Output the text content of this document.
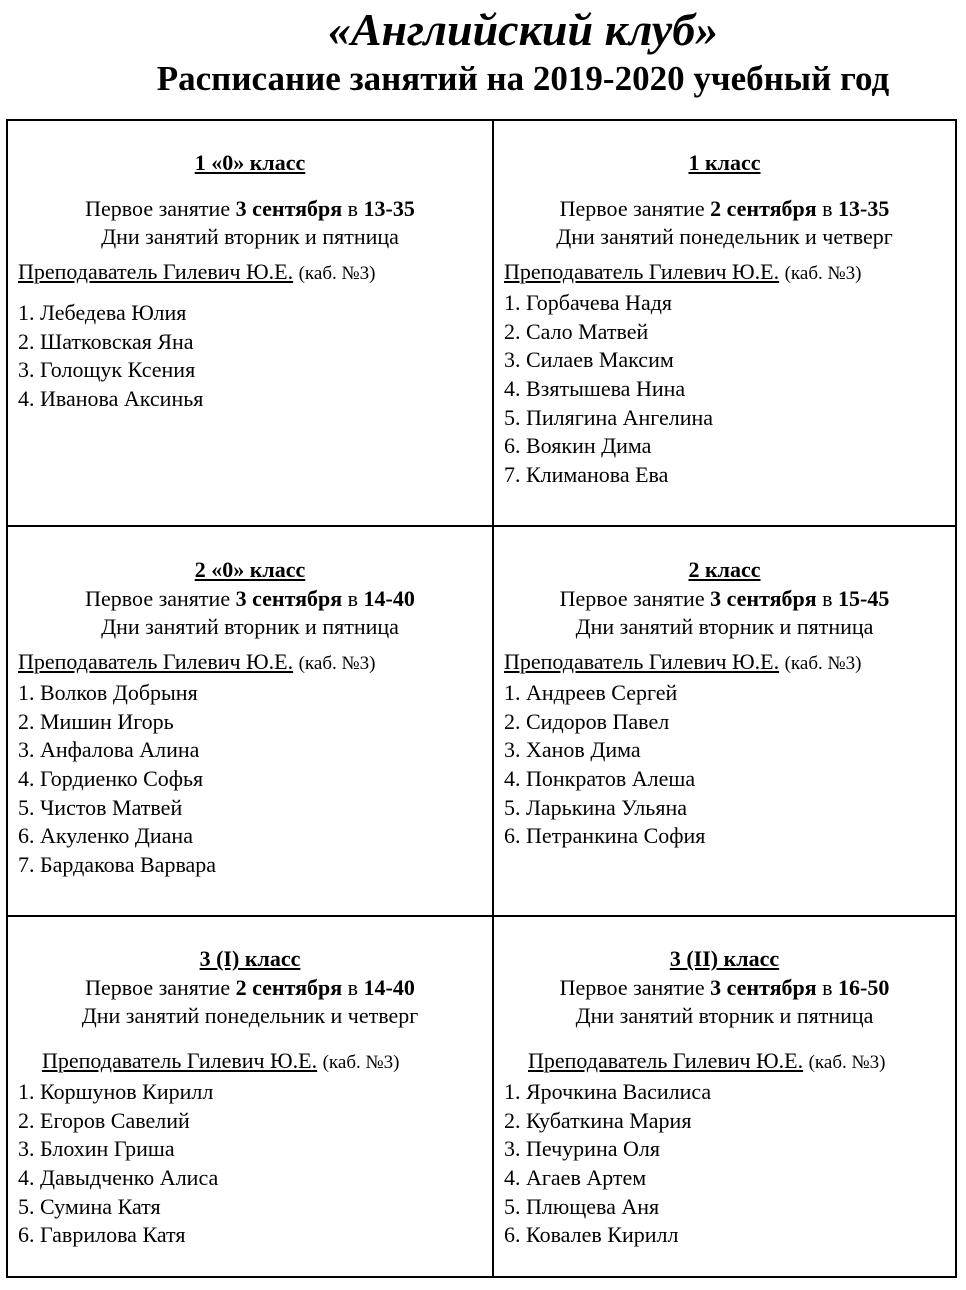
«Английский клуб»
Расписание занятий на 2019-2020 учебный год
1 «0» класс
Первое занятие 3 сентября в 13-35
Дни занятий вторник и пятница
Преподаватель Гилевич Ю.Е. (каб. №3)
1. Лебедева Юлия
2. Шатковская Яна
3. Голощук Ксения
4. Иванова Аксинья
1 класс
Первое занятие 2 сентября в 13-35
Дни занятий понедельник и четверг
Преподаватель Гилевич Ю.Е. (каб. №3)
1. Горбачева Надя
2. Сало Матвей
3. Силаев Максим
4. Взятышева Нина
5. Пилягина Ангелина
6. Воякин Дима
7. Климанова Ева
2 «0» класс
Первое занятие 3 сентября в 14-40
Дни занятий вторник и пятница
Преподаватель Гилевич Ю.Е. (каб. №3)
1. Волков Добрыня
2. Мишин Игорь
3. Анфалова Алина
4. Гордиенко Софья
5. Чистов Матвей
6. Акуленко Диана
7. Бардакова Варвара
2 класс
Первое занятие 3 сентября в 15-45
Дни занятий вторник и пятница
Преподаватель Гилевич Ю.Е. (каб. №3)
1. Андреев Сергей
2. Сидоров Павел
3. Ханов Дима
4. Понкратов Алеша
5. Ларькина Ульяна
6. Петранкина София
3 (I) класс
Первое занятие 2 сентября в 14-40
Дни занятий понедельник и четверг
Преподаватель Гилевич Ю.Е. (каб. №3)
1. Коршунов Кирилл
2. Егоров Савелий
3. Блохин Гриша
4. Давыдченко Алиса
5. Сумина Катя
6. Гаврилова Катя
3 (II) класс
Первое занятие 3 сентября в 16-50
Дни занятий вторник и пятница
Преподаватель Гилевич Ю.Е. (каб. №3)
1. Ярочкина Василиса
2. Кубаткина Мария
3. Печурина Оля
4. Агаев Артем
5. Плющева Аня
6. Ковалев Кирилл
